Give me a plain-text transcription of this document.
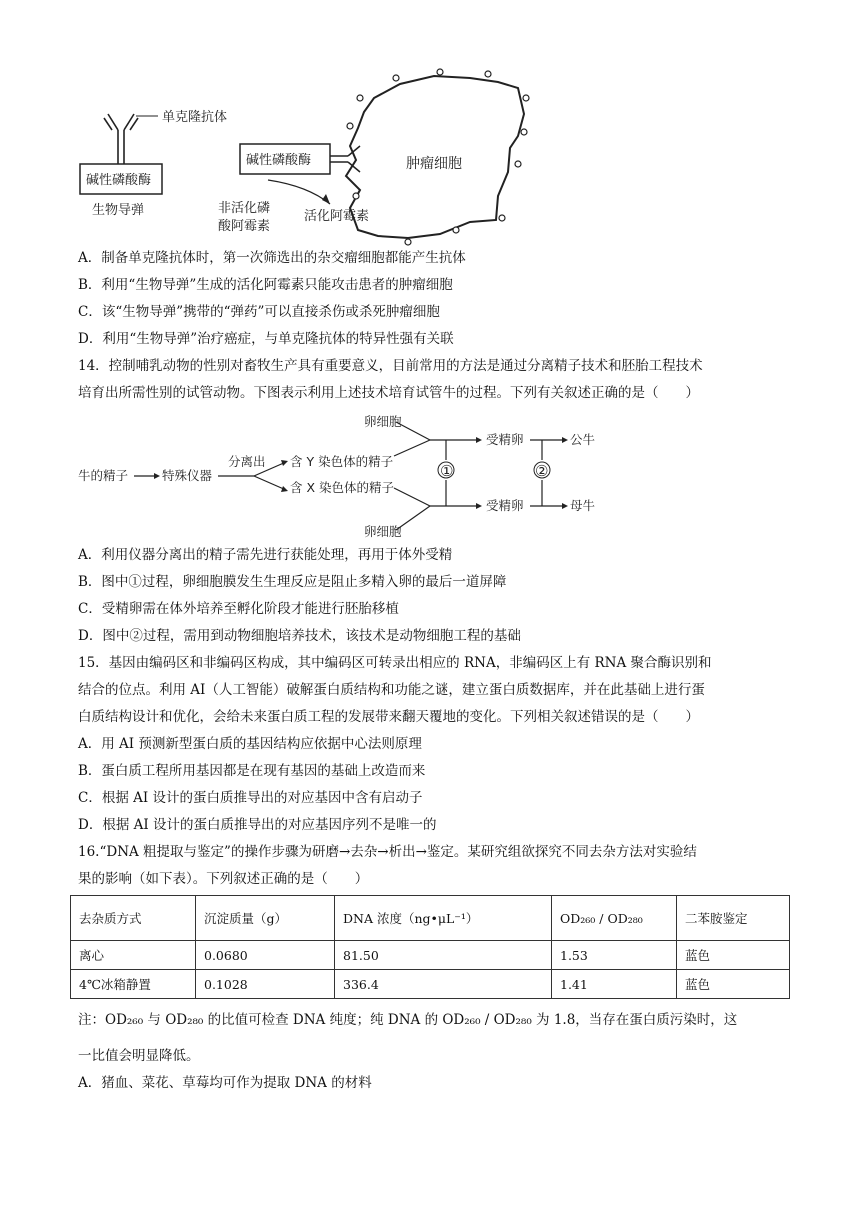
单克隆抗体
碱性磷酸酶
生物导弹
肿瘤细胞
碱性磷酸酶
非活化磷
酸阿霉素
活化阿霉素
A．制备单克隆抗体时，第一次筛选出的杂交瘤细胞都能产生抗体
B．利用“生物导弹”生成的活化阿霉素只能攻击患者的肿瘤细胞
C．该“生物导弹”携带的“弹药”可以直接杀伤或杀死肿瘤细胞
D．利用“生物导弹”治疗癌症，与单克隆抗体的特异性强有关联
14．控制哺乳动物的性别对畜牧生产具有重要意义，目前常用的方法是通过分离精子技术和胚胎工程技术
培育出所需性别的试管动物。下图表示利用上述技术培育试管牛的过程。下列有关叙述正确的是（　　）
牛的精子	特殊仪器
分离出 含 Y 染色体的精子
含 X 染色体的精子
卵细胞
卵细胞
受精卵
受精卵
公牛
母牛
①	②
A．利用仪器分离出的精子需先进行获能处理，再用于体外受精
B．图中①过程，卵细胞膜发生生理反应是阻止多精入卵的最后一道屏障
C．受精卵需在体外培养至孵化阶段才能进行胚胎移植
D．图中②过程，需用到动物细胞培养技术，该技术是动物细胞工程的基础
15．基因由编码区和非编码区构成，其中编码区可转录出相应的 RNA，非编码区上有 RNA 聚合酶识别和
结合的位点。利用 AI（人工智能）破解蛋白质结构和功能之谜，建立蛋白质数据库，并在此基础上进行蛋
白质结构设计和优化，会给未来蛋白质工程的发展带来翻天覆地的变化。下列相关叙述错误的是（　　）
A．用 AI 预测新型蛋白质的基因结构应依据中心法则原理
B．蛋白质工程所用基因都是在现有基因的基础上改造而来
C．根据 AI 设计的蛋白质推导出的对应基因中含有启动子
D．根据 AI 设计的蛋白质推导出的对应基因序列不是唯一的
16.“DNA 粗提取与鉴定”的操作步骤为研磨→去杂→析出→鉴定。某研究组欲探究不同去杂方法对实验结
果的影响（如下表）。下列叙述正确的是（　　）
去杂质方式	沉淀质量（g）	DNA 浓度（ng•μL⁻¹）	OD₂₆₀ / OD₂₈₀	二苯胺鉴定
离心	0.0680	81.50	1.53	蓝色
4℃冰箱静置	0.1028	336.4	1.41	蓝色
注：OD₂₆₀ 与 OD₂₈₀ 的比值可检查 DNA 纯度；纯 DNA 的 OD₂₆₀ / OD₂₈₀ 为 1.8，当存在蛋白质污染时，这
一比值会明显降低。
A．猪血、菜花、草莓均可作为提取 DNA 的材料
